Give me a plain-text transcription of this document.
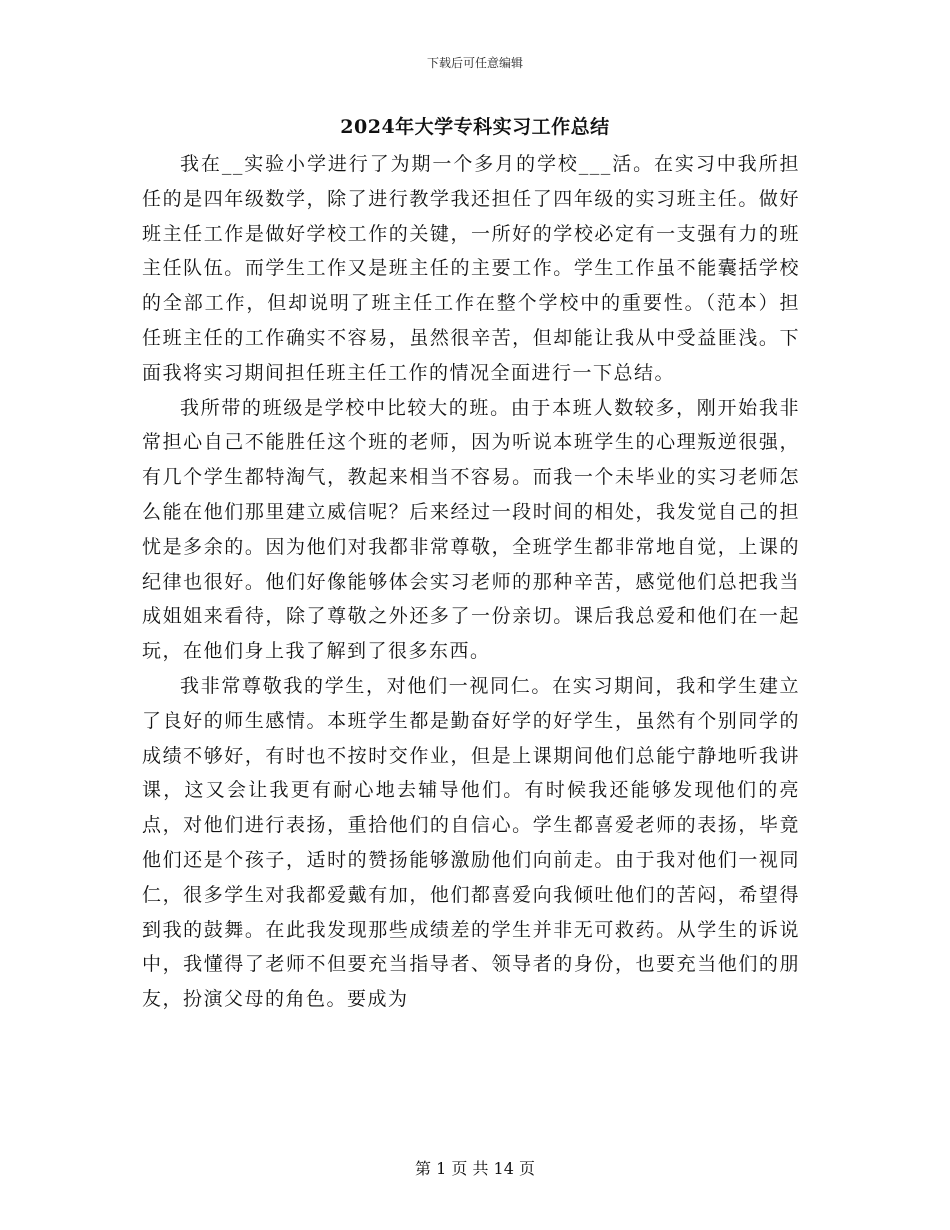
下载后可任意编辑
2024年大学专科实习工作总结

我在__实验小学进行了为期一个多月的学校___活。在实习中我所担任的是四年级数学，除了进行教学我还担任了四年级的实习班主任。做好班主任工作是做好学校工作的关键，一所好的学校必定有一支强有力的班主任队伍。而学生工作又是班主任的主要工作。学生工作虽不能囊括学校的全部工作，但却说明了班主任工作在整个学校中的重要性。（范本）担任班主任的工作确实不容易，虽然很辛苦，但却能让我从中受益匪浅。下面我将实习期间担任班主任工作的情况全面进行一下总结。

我所带的班级是学校中比较大的班。由于本班人数较多，刚开始我非常担心自己不能胜任这个班的老师，因为听说本班学生的心理叛逆很强，有几个学生都特淘气，教起来相当不容易。而我一个未毕业的实习老师怎么能在他们那里建立威信呢？后来经过一段时间的相处，我发觉自己的担忧是多余的。因为他们对我都非常尊敬，全班学生都非常地自觉，上课的纪律也很好。他们好像能够体会实习老师的那种辛苦，感觉他们总把我当成姐姐来看待，除了尊敬之外还多了一份亲切。课后我总爱和他们在一起玩，在他们身上我了解到了很多东西。

我非常尊敬我的学生，对他们一视同仁。在实习期间，我和学生建立了良好的师生感情。本班学生都是勤奋好学的好学生，虽然有个别同学的成绩不够好，有时也不按时交作业，但是上课期间他们总能宁静地听我讲课，这又会让我更有耐心地去辅导他们。有时候我还能够发现他们的亮点，对他们进行表扬，重拾他们的自信心。学生都喜爱老师的表扬，毕竟他们还是个孩子，适时的赞扬能够激励他们向前走。由于我对他们一视同仁，很多学生对我都爱戴有加，他们都喜爱向我倾吐他们的苦闷，希望得到我的鼓舞。在此我发现那些成绩差的学生并非无可救药。从学生的诉说中，我懂得了老师不但要充当指导者、领导者的身份，也要充当他们的朋友，扮演父母的角色。要成为

第 1 页 共 14 页
